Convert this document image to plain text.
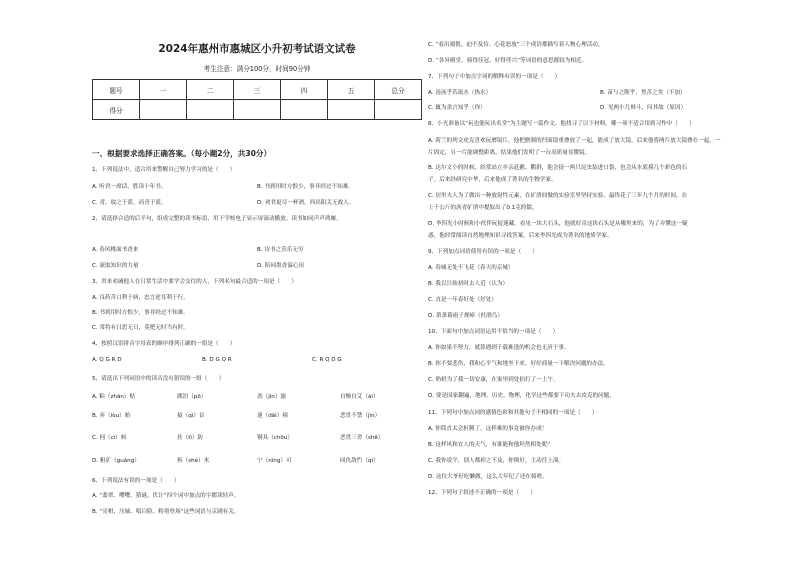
2024年惠州市惠城区小升初考试语文试卷
考生注意：满分100分，时间90分钟
题号	一	二	三	四	五	总分
得分						
一、根据要求选择正确答案。（每小题2分，共30分）
1、下列说法中，适合用来警醒自己努力学习的是（　　）
A. 听君一席话，胜读十年书。	B. 书到用时方恨少，事非经过不知难。
C. 青，取之于蓝，而青于蓝。	D. 劝君更尽一杯酒，西出阳关无故人。
2、请选择合适的后半句，组成完整的读书标语，用于学校电子显示屏滚动播放。读书如同声声鸿雁，
A. 春风桃面书香来	B. 诗书之乐乐无穷
C. 流取知识的力量	D. 陪同墨香溢心田
3、用来劝诫他人在日常生活中要学会交往的人，下列名句最合适的一项是（　　）
A. 良药苦口利于病，忠言逆耳利于行。
B. 书到用时方恨少，事非经过不知难。
C. 常将有日思无日，莫把无时当有时。
4、按照汉语拼音字母表的顺序排列正确的一组是（　　）
A. Q G R D	B. D G Q R	C. R Q D G
5、请选出下列词语中的读音没有错误的一组（　　）
A. 粘（zhān）贴	湖泊（pō）	劲（jìn）旅	自惭自艾（ài）
B. 弃（lòu）贻	接（qì）首	迷（dāi）撞	恶贯不禁（jìn）
C. 伺（cì）候	挂（tì）防	钢具（chōu）	恶贯三舍（shě）
D. 粗犷（guǎng）	拆（shé）木	宁（nìng）可	同仇敌忾（qì）
6、下列说法有误的一项是（　　）
A. “翡翠、嘤嘤、猜谜、伏计”四个词中加点的字都读轻声。
B. “亮相、压轴、唱白脸、粉墨登场”这些词语与京剧有关。
C. “看出端倪、迫不及待、心花怒放”三个成语都描写着人物心理活动。
D. “各异殿堂、骑得佳冠、好得伴兴”等词语的意思都较为相近。
7、下列句子中加点字词的解释有误的一项是（　　）
A. 汤汤乎若流水（热水）	B. 苗与之腥乎，焦苦之矣（不加）
C. 辄为余言知乎（你）	D. 见两小儿辩斗，问其故（原因）
8、小光准备以“玩也能玩出名堂”为主题写一篇作文，他找寻了以下材料，哪一项不适合用到习作中（　　）
A. 荷兰的列文虎克喜欢玩磨镜片，他把磨制的凹面镜重叠放了一起，能成了放大镜，后来他将两片放大镜叠在一起，一
片固定，另一片能调整距离，结果他们发明了一台高质量显微镜。
B. 达尔文小的时候，经常站立乡亲赶鹅、鹳群，他会捉一两只昆虫装进口袋，也会从水底摸几个彩色的石
子。后来经研究中华，后来他成了著名的生物学家。
C. 居里夫人为了做出一种放射性元素，在矿渣间做的实验室里坚持实验。最终花了三年九个月的时间，在
上千公斤的沥青矿渣中提取出了0.1克的镭。
D. 李四光小时候和小伙伴玩捉迷藏，看见一块大石头，他就好奇这块石头是从哪里来的，为了弄懂这一疑
惑，他经常阅读自然地理知识寻找答案，后来李四光成为著名的地质学家。
9、下列加点词语使用有误的一项是（　　）
A. 春城无处不飞花（春天的京城）
B. 我以日始初时去人近（认为）
C. 直是一年春好处（好处）
D. 萧萧暮雨子规啼（杜鹃鸟）
10、下面句中加点词语运用不恰当的一项是（　　）
A. 你如果不努力，就算遇到千载难逢的机会也无济于事。
B. 你不要悲伤，我和心平气和地坐下来，好好商量一下解决问题的办法。
C. 奶奶为了我一切安康，在家里到处拍打了一上午。
D. 要是国家翻遍，地理、历史、物理，化学这些都要下功夫去攻克的问题。
11、下列句中加点词的感情色彩和其他句子不相同的一项是（　　）
A. 你简直太会折腾了，这样难的事竟被你办成！
B. 这样风和宜人的天气，有谁能和他坦然相处呢？
C. 我你说平，别人都掉之不及，你倒好，主动往上凑。
D. 这位大爷好吃懒做，这么大年纪了还在骑啥。
12、下列句子叙述不正确的一项是（　　）
